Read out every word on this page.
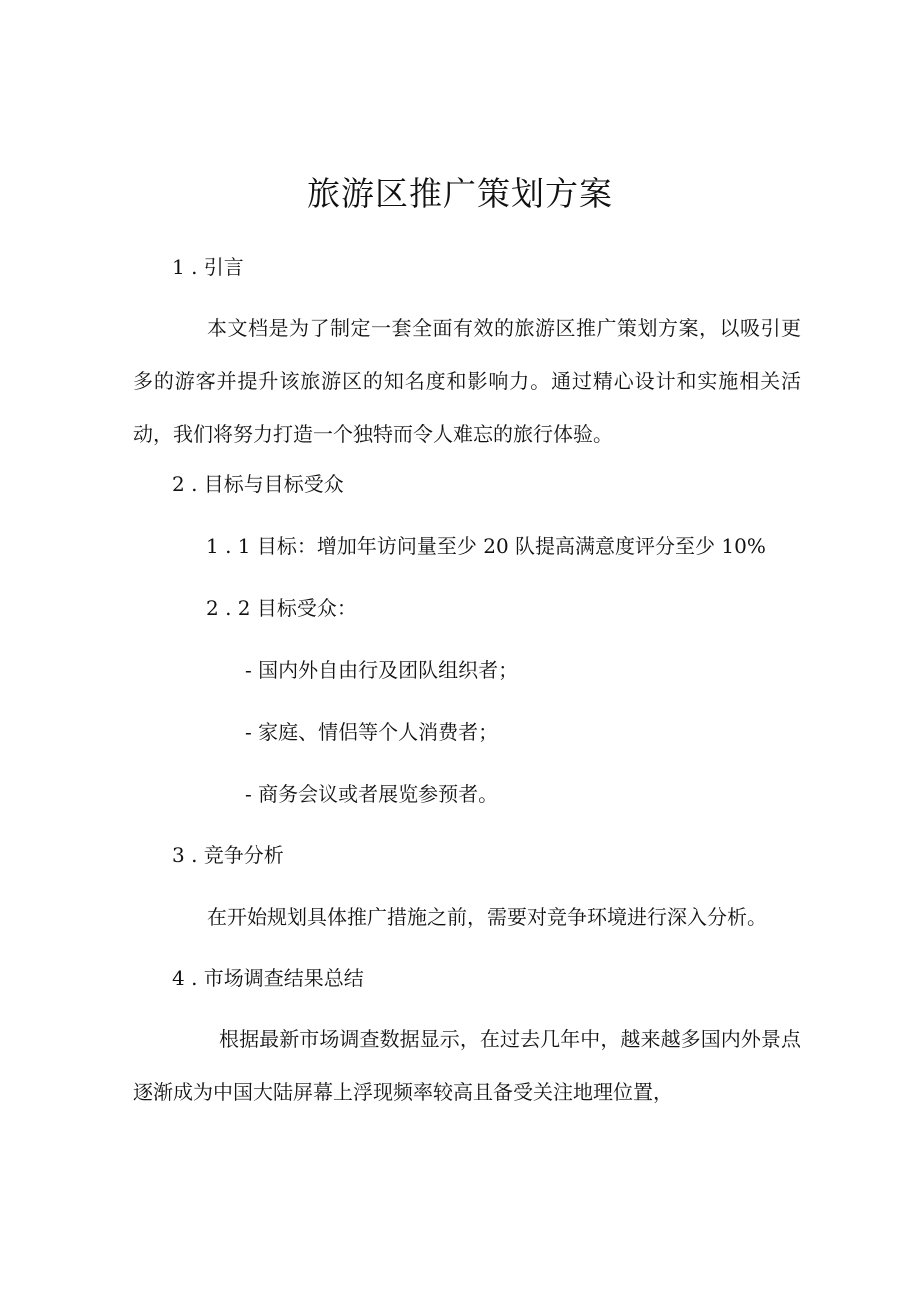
旅游区推广策划方案

1 . 引言

本文档是为了制定一套全面有效的旅游区推广策划方案，以吸引更多的游客并提升该旅游区的知名度和影响力。通过精心设计和实施相关活动，我们将努力打造一个独特而令人难忘的旅行体验。

2 . 目标与目标受众

1 . 1 目标：增加年访问量至少 20 队提高满意度评分至少 10%

2 . 2 目标受众：

- 国内外自由行及团队组织者；

- 家庭、情侣等个人消费者；

- 商务会议或者展览参预者。

3 . 竞争分析

在开始规划具体推广措施之前，需要对竞争环境进行深入分析。

4 . 市场调查结果总结

根据最新市场调查数据显示，在过去几年中，越来越多国内外景点逐渐成为中国大陆屏幕上浮现频率较高且备受关注地理位置，
